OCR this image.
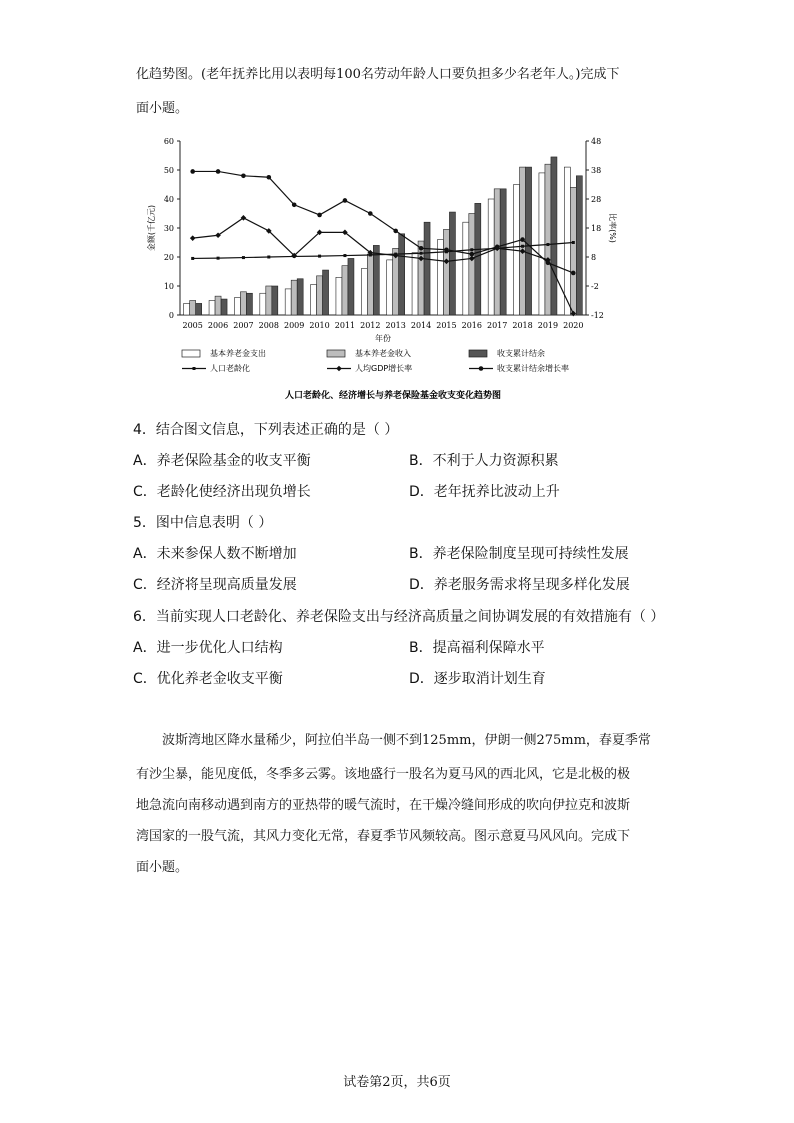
化趋势图。(老年抚养比用以表明每100名劳动年龄人口要负担多少名老年人。)完成下
面小题。
0
10
20
30
40
50
60
-12
-2
8
18
28
38
48
金额(千亿元)	比率(%)
2005 2006 2007 2008 2009 2010 2011 2012 2013 2014 2015 2016 2017 2018 2019 2020
年份
基本养老金支出	基本养老金收入	收支累计结余
人口老龄化	人均GDP增长率	收支累计结余增长率
人口老龄化、经济增长与养老保险基金收支变化趋势图
4．结合图文信息，下列表述正确的是（ ）
A．养老保险基金的收支平衡	B．不利于人力资源积累
C．老龄化使经济出现负增长	D．老年抚养比波动上升
5．图中信息表明（ ）
A．未来参保人数不断增加	B．养老保险制度呈现可持续性发展
C．经济将呈现高质量发展	D．养老服务需求将呈现多样化发展
6．当前实现人口老龄化、养老保险支出与经济高质量之间协调发展的有效措施有（ ）
A．进一步优化人口结构	B．提高福利保障水平
C．优化养老金收支平衡	D．逐步取消计划生育
波斯湾地区降水量稀少，阿拉伯半岛一侧不到125mm，伊朗一侧275mm，春夏季常
有沙尘暴，能见度低，冬季多云雾。该地盛行一股名为夏马风的西北风，它是北极的极
地急流向南移动遇到南方的亚热带的暖气流时，在干燥冷缝间形成的吹向伊拉克和波斯
湾国家的一股气流，其风力变化无常，春夏季节风频较高。图示意夏马风风向。完成下
面小题。
试卷第2页，共6页
